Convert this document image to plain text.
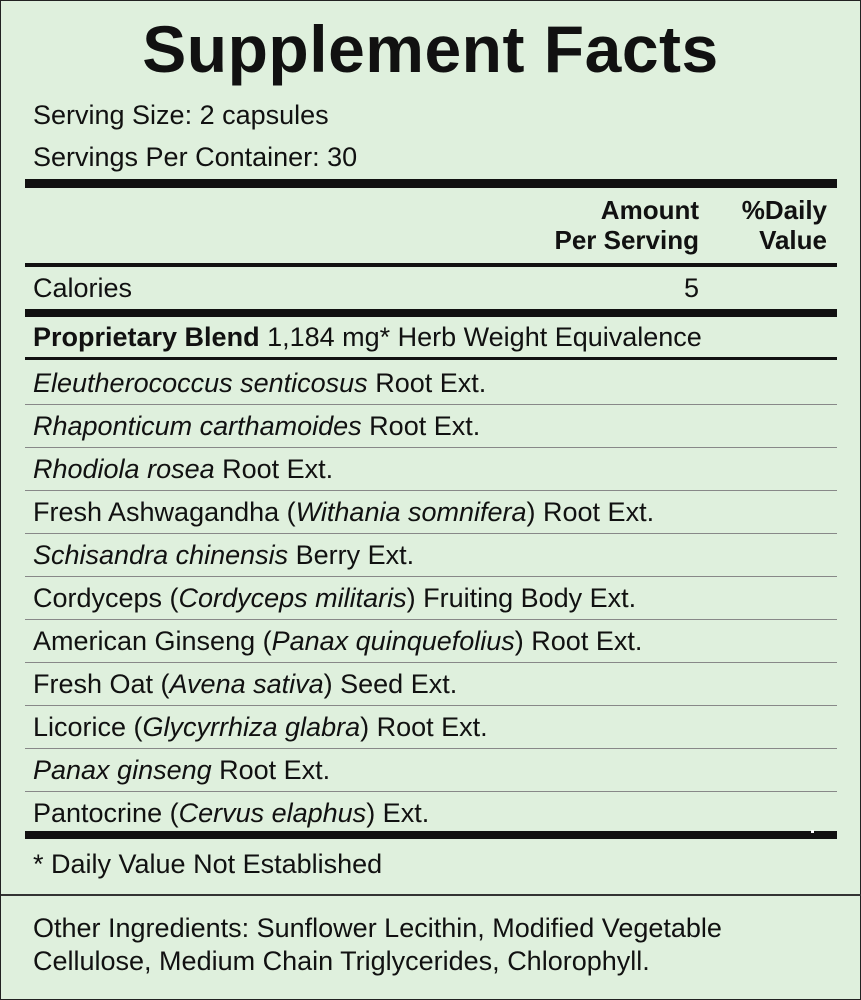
Supplement Facts
Serving Size: 2 capsules
Servings Per Container: 30
Amount
Per Serving
%Daily
Value
Calories	5
Proprietary Blend 1,184 mg* Herb Weight Equivalence
Eleutherococcus senticosus Root Ext.
Rhaponticum carthamoides Root Ext.
Rhodiola rosea Root Ext.
Fresh Ashwagandha (Withania somnifera) Root Ext.
Schisandra chinensis Berry Ext.
Cordyceps (Cordyceps militaris) Fruiting Body Ext.
American Ginseng (Panax quinquefolius) Root Ext.
Fresh Oat (Avena sativa) Seed Ext.
Licorice (Glycyrrhiza glabra) Root Ext.
Panax ginseng Root Ext.
Pantocrine (Cervus elaphus) Ext.
* Daily Value Not Established
Other Ingredients: Sunflower Lecithin, Modified Vegetable
Cellulose, Medium Chain Triglycerides, Chlorophyll.
